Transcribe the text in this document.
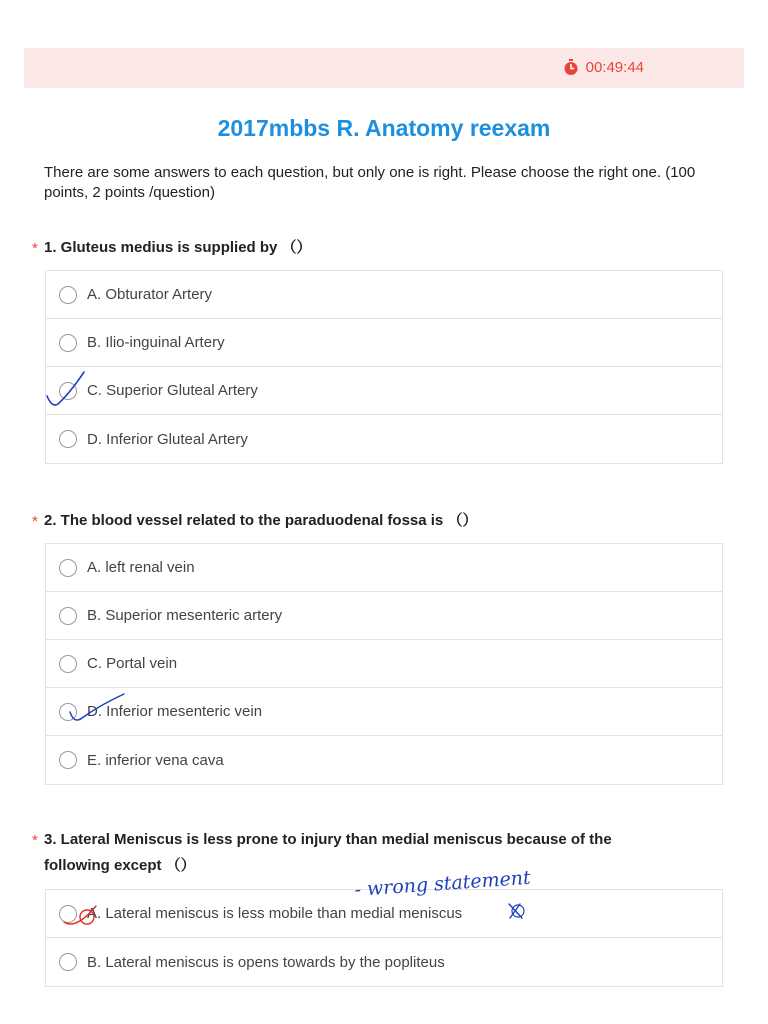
00:49:44
2017mbbs R. Anatomy reexam
There are some answers to each question, but only one is right. Please choose the right one. (100 points, 2 points /question)
* 1. Gluteus medius is supplied by （）
A. Obturator Artery
B. Ilio-inguinal Artery
C. Superior Gluteal Artery
D. Inferior Gluteal Artery
* 2. The blood vessel related to the paraduodenal fossa is （）
A. left renal vein
B. Superior mesenteric artery
C. Portal vein
D. Inferior mesenteric vein
E. inferior vena cava
* 3. Lateral Meniscus is less prone to injury than medial meniscus because of the
following except （）
A. Lateral meniscus is less mobile than medial meniscus
B. Lateral meniscus is opens towards by the popliteus
- wrong statement
